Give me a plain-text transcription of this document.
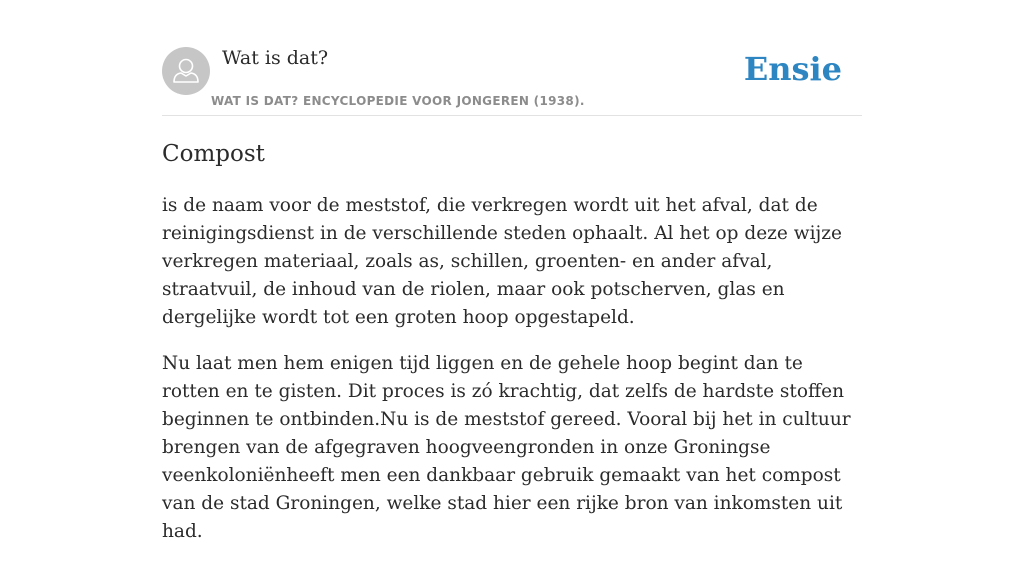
Wat is dat?

WAT IS DAT? ENCYCLOPEDIE VOOR JONGEREN (1938).

Ensie
Compost

is de naam voor de meststof, die verkregen wordt uit het afval, dat de reinigingsdienst in de verschillende steden ophaalt. Al het op deze wijze verkregen materiaal, zoals as, schillen, groenten- en ander afval, straatvuil, de inhoud van de riolen, maar ook potscherven, glas en dergelijke wordt tot een groten hoop opgestapeld.

Nu laat men hem enigen tijd liggen en de gehele hoop begint dan te rotten en te gisten. Dit proces is zó krachtig, dat zelfs de hardste stoffen beginnen te ontbinden.Nu is de meststof gereed. Vooral bij het in cultuur brengen van de afgegraven hoogveengronden in onze Groningse veenkoloniënheeft men een dankbaar gebruik gemaakt van het compost van de stad Groningen, welke stad hier een rijke bron van inkomsten uit had.
